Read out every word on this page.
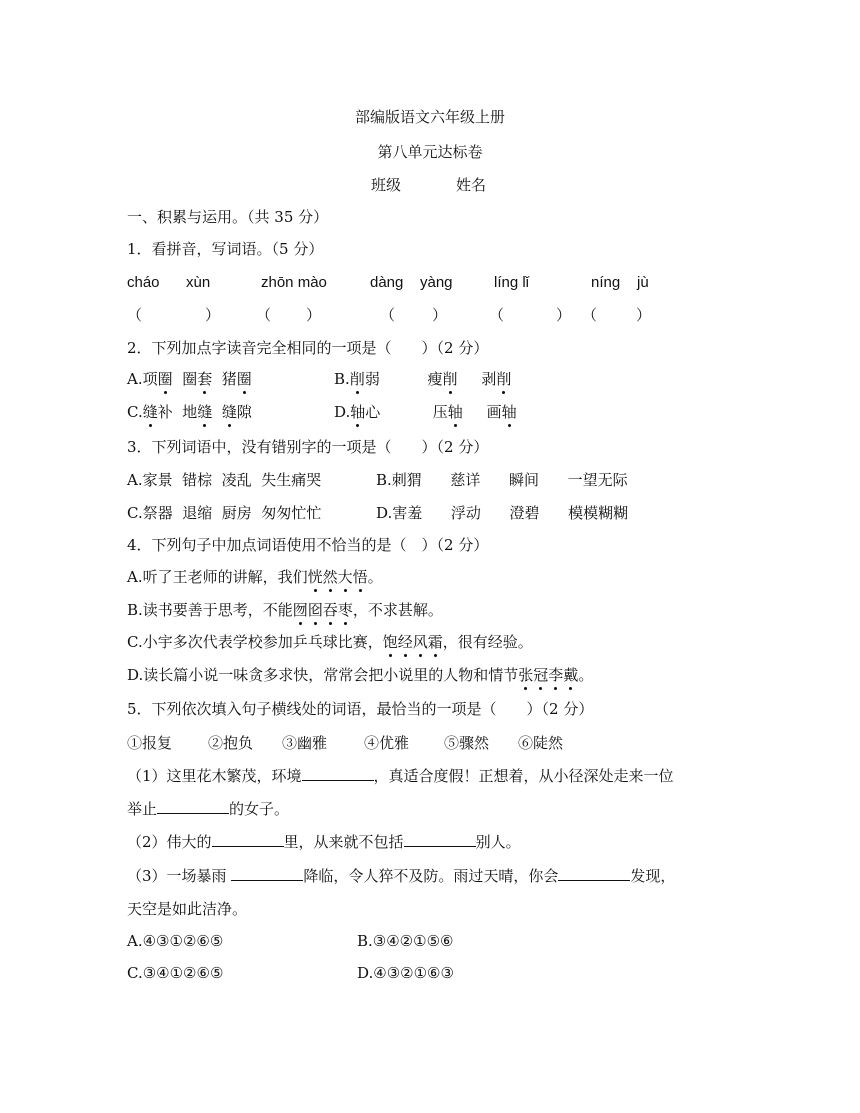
部编版语文六年级上册
第八单元达标卷
班级	姓名
一、积累与运用。（共 35 分）
1．看拼音，写词语。（5 分）
cháo xùn	zhōn mào	dàng yàng	líng lǐ	níng jù
（	） （ ）	（ ）	（	） （	）
2．下列加点字读音完全相同的一项是（　　）（2 分）
A.项圈 圈套 猪圈	B.削弱	瘦削 剥削
C.缝补 地缝 缝隙	D.轴心	压轴 画轴
3．下列词语中，没有错别字的一项是（　　）（2 分）
A.家景  错棕  凌乱  失生痛哭	B.刺猬      慈详      瞬间      一望无际
C.祭器  退缩  厨房  匆匆忙忙	D.害羞      浮动      澄碧      模模糊糊
4．下列句子中加点词语使用不恰当的是（　）（2 分）
A.听了王老师的讲解，我们恍然大悟。
B.读书要善于思考，不能囫囵吞枣，不求甚解。
C.小宇多次代表学校参加乒乓球比赛，饱经风霜，很有经验。
D.读长篇小说一味贪多求快，常常会把小说里的人物和情节张冠李戴。
5．下列依次填入句子横线处的词语，最恰当的一项是（　　）（2 分）
①报复 ②抱负 ③幽雅 ④优雅 ⑤骤然 ⑥陡然
（1）这里花木繁茂，环境	，真适合度假！正想着，从小径深处走来一位
举止	的女子。
（2）伟大的	里，从来就不包括	别人。
（3）一场暴雨	降临，令人猝不及防。雨过天晴，你会	发现，
天空是如此洁净。
A.④③①②⑥⑤	B.③④②①⑤⑥
C.③④①②⑥⑤	D.④③②①⑥③
